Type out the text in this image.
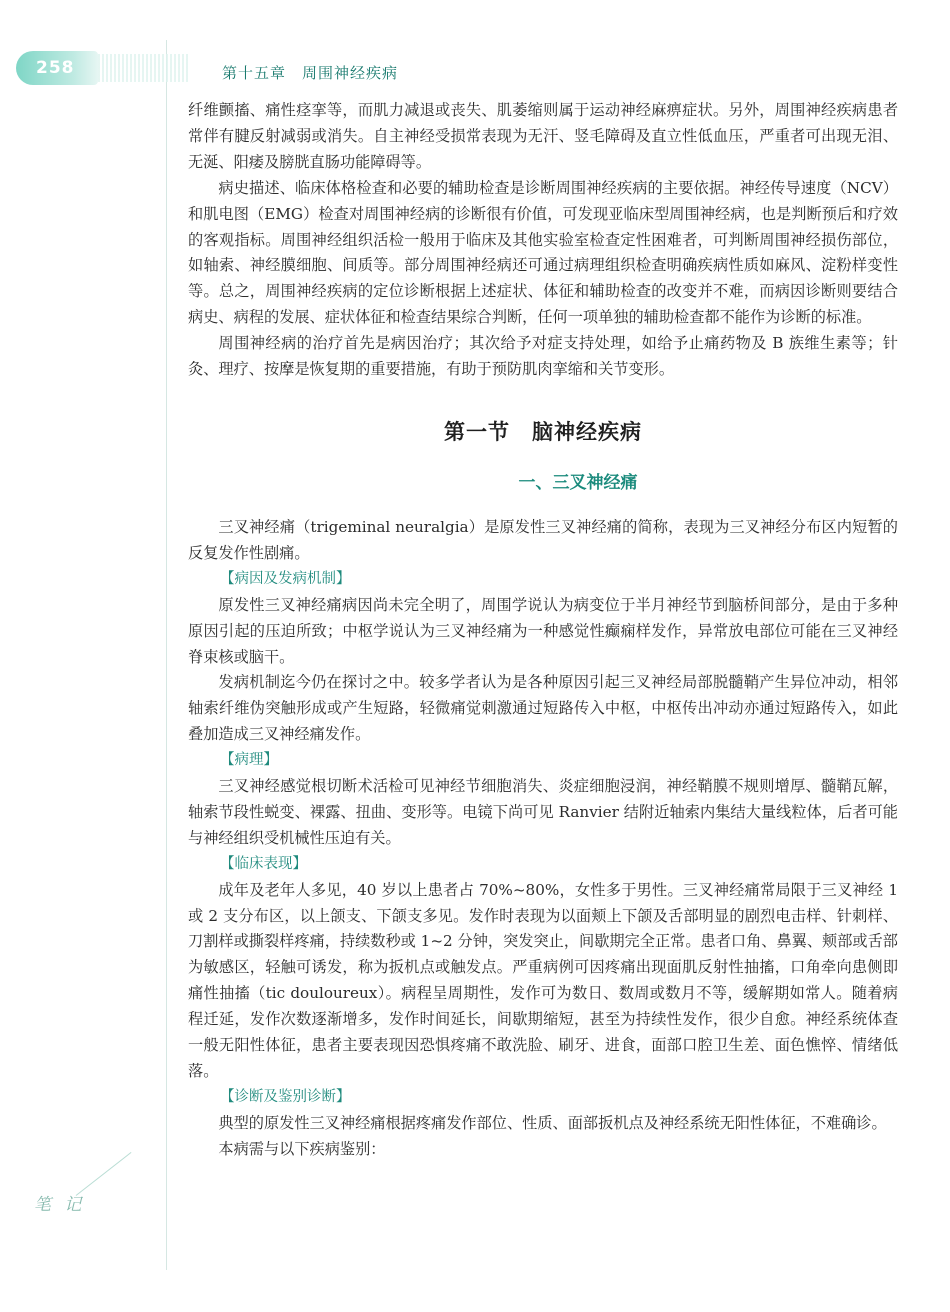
258	第十五章　周围神经疾病

纤维颤搐、痛性痉挛等，而肌力减退或丧失、肌萎缩则属于运动神经麻痹症状。另外，周围神经疾病患者常伴有腱反射减弱或消失。自主神经受损常表现为无汗、竖毛障碍及直立性低血压，严重者可出现无泪、无涎、阳痿及膀胱直肠功能障碍等。

病史描述、临床体格检查和必要的辅助检查是诊断周围神经疾病的主要依据。神经传导速度（NCV）和肌电图（EMG）检查对周围神经病的诊断很有价值，可发现亚临床型周围神经病，也是判断预后和疗效的客观指标。周围神经组织活检一般用于临床及其他实验室检查定性困难者，可判断周围神经损伤部位，如轴索、神经膜细胞、间质等。部分周围神经病还可通过病理组织检查明确疾病性质如麻风、淀粉样变性等。总之，周围神经疾病的定位诊断根据上述症状、体征和辅助检查的改变并不难，而病因诊断则要结合病史、病程的发展、症状体征和检查结果综合判断，任何一项单独的辅助检查都不能作为诊断的标准。

周围神经病的治疗首先是病因治疗；其次给予对症支持处理，如给予止痛药物及 B 族维生素等；针灸、理疗、按摩是恢复期的重要措施，有助于预防肌肉挛缩和关节变形。

第一节　脑神经疾病
一、三叉神经痛

三叉神经痛（trigeminal neuralgia）是原发性三叉神经痛的简称，表现为三叉神经分布区内短暂的反复发作性剧痛。

【病因及发病机制】

原发性三叉神经痛病因尚未完全明了，周围学说认为病变位于半月神经节到脑桥间部分，是由于多种原因引起的压迫所致；中枢学说认为三叉神经痛为一种感觉性癫痫样发作，异常放电部位可能在三叉神经脊束核或脑干。

发病机制迄今仍在探讨之中。较多学者认为是各种原因引起三叉神经局部脱髓鞘产生异位冲动，相邻轴索纤维伪突触形成或产生短路，轻微痛觉刺激通过短路传入中枢，中枢传出冲动亦通过短路传入，如此叠加造成三叉神经痛发作。

【病理】

三叉神经感觉根切断术活检可见神经节细胞消失、炎症细胞浸润，神经鞘膜不规则增厚、髓鞘瓦解，轴索节段性蜕变、裸露、扭曲、变形等。电镜下尚可见 Ranvier 结附近轴索内集结大量线粒体，后者可能与神经组织受机械性压迫有关。

【临床表现】

成年及老年人多见，40 岁以上患者占 70%~80%，女性多于男性。三叉神经痛常局限于三叉神经 1 或 2 支分布区，以上颌支、下颌支多见。发作时表现为以面颊上下颌及舌部明显的剧烈电击样、针刺样、刀割样或撕裂样疼痛，持续数秒或 1~2 分钟，突发突止，间歇期完全正常。患者口角、鼻翼、颊部或舌部为敏感区，轻触可诱发，称为扳机点或触发点。严重病例可因疼痛出现面肌反射性抽搐，口角牵向患侧即痛性抽搐（tic douloureux）。病程呈周期性，发作可为数日、数周或数月不等，缓解期如常人。随着病程迁延，发作次数逐渐增多，发作时间延长，间歇期缩短，甚至为持续性发作，很少自愈。神经系统体查一般无阳性体征，患者主要表现因恐惧疼痛不敢洗脸、刷牙、进食，面部口腔卫生差、面色憔悴、情绪低落。

【诊断及鉴别诊断】

典型的原发性三叉神经痛根据疼痛发作部位、性质、面部扳机点及神经系统无阳性体征，不难确诊。

本病需与以下疾病鉴别：

笔 记
